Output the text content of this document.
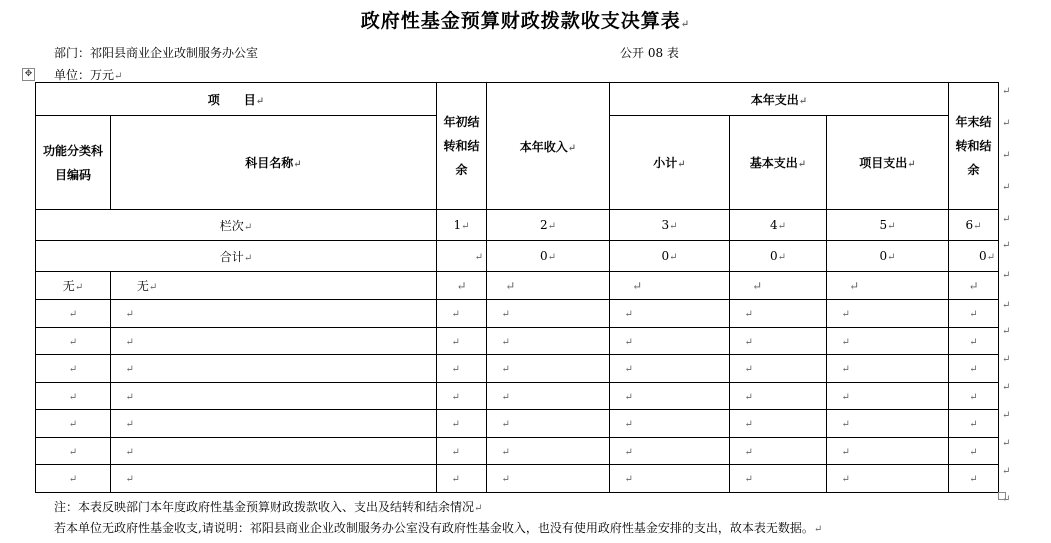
政府性基金预算财政拨款收支决算表↵
部门：祁阳县商业企业改制服务办公室	公开 08 表
单位：万元↵
✥
项　　目↵		年初结转和结余	本年收入↵	本年支出↵			年末结转和结余
功能分类科目编码	科目名称↵			小计↵	基本支出↵	项目支出↵	
栏次↵		1↵	2↵	3↵	4↵	5↵	6↵
合计↵		↵	0↵	0↵	0↵	0↵	0↵
无↵	无↵	↵	↵	↵	↵	↵	↵
↵	↵	↵	↵	↵	↵	↵	↵
↵	↵	↵	↵	↵	↵	↵	↵
↵	↵	↵	↵	↵	↵	↵	↵
↵	↵	↵	↵	↵	↵	↵	↵
↵	↵	↵	↵	↵	↵	↵	↵
↵	↵	↵	↵	↵	↵	↵	↵
↵	↵	↵	↵	↵	↵	↵	↵
↵
↵
↵
↵
↵
↵
↵
↵
↵
↵
↵
↵
↵
↵
↵
注：本表反映部门本年度政府性基金预算财政拨款收入、支出及结转和结余情况↵
若本单位无政府性基金收支,请说明：祁阳县商业企业改制服务办公室没有政府性基金收入，也没有使用政府性基金安排的支出，故本表无数据。↵
